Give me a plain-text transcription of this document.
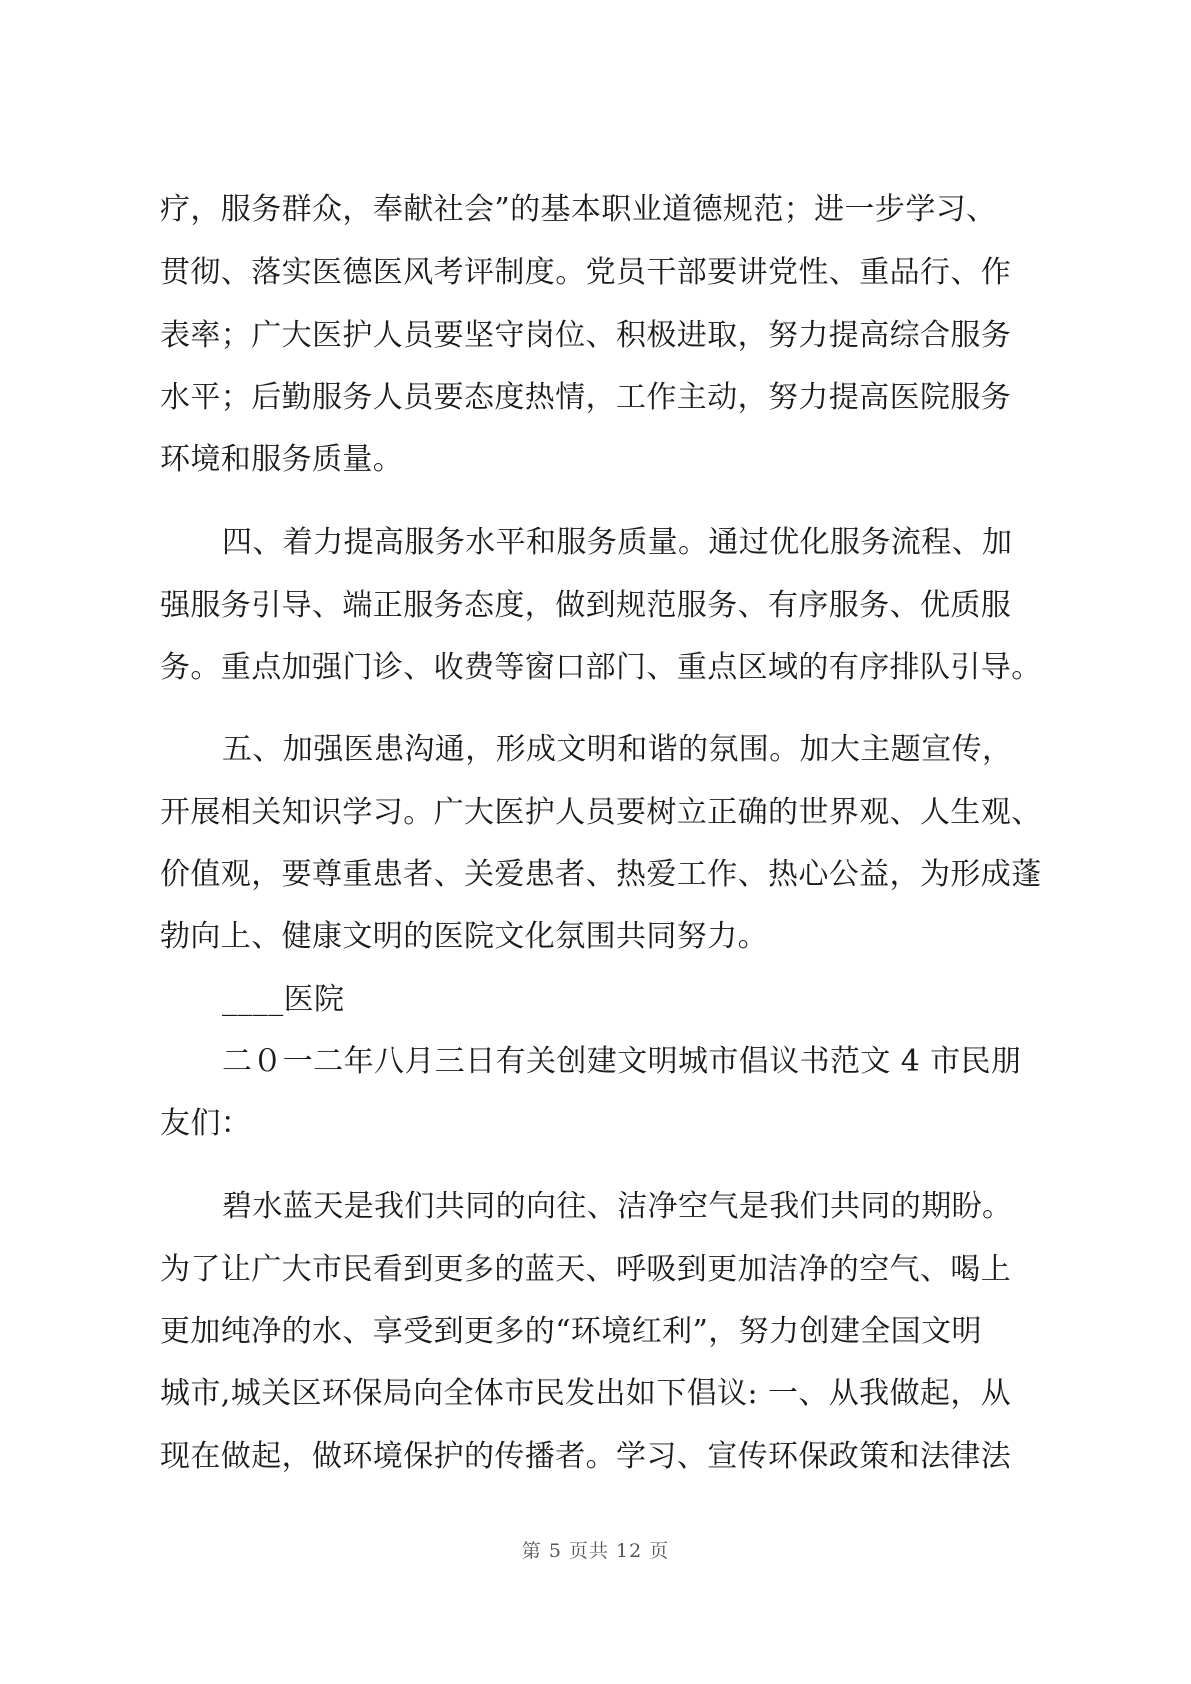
疗，服务群众，奉献社会”的基本职业道德规范；进一步学习、
贯彻、落实医德医风考评制度。党员干部要讲党性、重品行、作
表率；广大医护人员要坚守岗位、积极进取，努力提高综合服务
水平；后勤服务人员要态度热情，工作主动，努力提高医院服务
环境和服务质量。
四、着力提高服务水平和服务质量。通过优化服务流程、加
强服务引导、端正服务态度，做到规范服务、有序服务、优质服
务。重点加强门诊、收费等窗口部门、重点区域的有序排队引导。
五、加强医患沟通，形成文明和谐的氛围。加大主题宣传，
开展相关知识学习。广大医护人员要树立正确的世界观、人生观、
价值观，要尊重患者、关爱患者、热爱工作、热心公益，为形成蓬
勃向上、健康文明的医院文化氛围共同努力。
____医院
二０一二年八月三日有关创建文明城市倡议书范文 4 市民朋
友们：
碧水蓝天是我们共同的向往、洁净空气是我们共同的期盼。
为了让广大市民看到更多的蓝天、呼吸到更加洁净的空气、喝上
更加纯净的水、享受到更多的“环境红利”，努力创建全国文明
城市,城关区环保局向全体市民发出如下倡议: 一、从我做起，从
现在做起，做环境保护的传播者。学习、宣传环保政策和法律法
第 5 页共 12 页
